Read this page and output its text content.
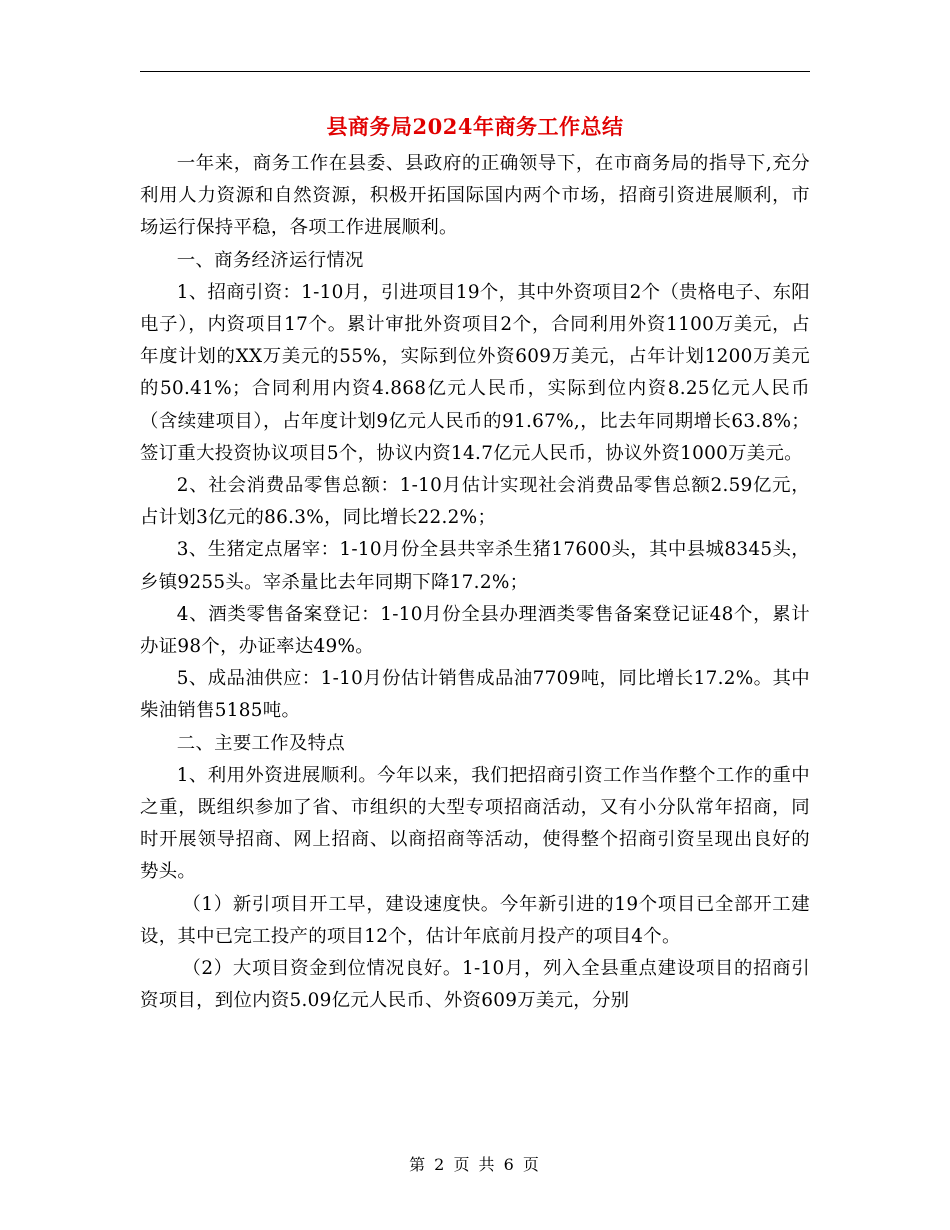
县商务局2024年商务工作总结

一年来，商务工作在县委、县政府的正确领导下，在市商务局的指导下,充分利用人力资源和自然资源，积极开拓国际国内两个市场，招商引资进展顺利，市场运行保持平稳，各项工作进展顺利。

一、商务经济运行情况

1、招商引资：1-10月，引进项目19个，其中外资项目2个（贵格电子、东阳电子），内资项目17个。累计审批外资项目2个，合同利用外资1100万美元，占年度计划的XX万美元的55%，实际到位外资609万美元，占年计划1200万美元的50.41%；合同利用内资4.868亿元人民币，实际到位内资8.25亿元人民币（含续建项目），占年度计划9亿元人民币的91.67%,，比去年同期增长63.8%；签订重大投资协议项目5个，协议内资14.7亿元人民币，协议外资1000万美元。

2、社会消费品零售总额：1-10月估计实现社会消费品零售总额2.59亿元，占计划3亿元的86.3%，同比增长22.2%；

3、生猪定点屠宰：1-10月份全县共宰杀生猪17600头，其中县城8345头，乡镇9255头。宰杀量比去年同期下降17.2%；

4、酒类零售备案登记：1-10月份全县办理酒类零售备案登记证48个，累计办证98个，办证率达49%。

5、成品油供应：1-10月份估计销售成品油7709吨，同比增长17.2%。其中柴油销售5185吨。

二、主要工作及特点

1、利用外资进展顺利。今年以来，我们把招商引资工作当作整个工作的重中之重，既组织参加了省、市组织的大型专项招商活动，又有小分队常年招商，同时开展领导招商、网上招商、以商招商等活动，使得整个招商引资呈现出良好的势头。

（1）新引项目开工早，建设速度快。今年新引进的19个项目已全部开工建设，其中已完工投产的项目12个，估计年底前月投产的项目4个。

（2）大项目资金到位情况良好。1-10月，列入全县重点建设项目的招商引资项目，到位内资5.09亿元人民币、外资609万美元，分别

第 2 页 共 6 页
